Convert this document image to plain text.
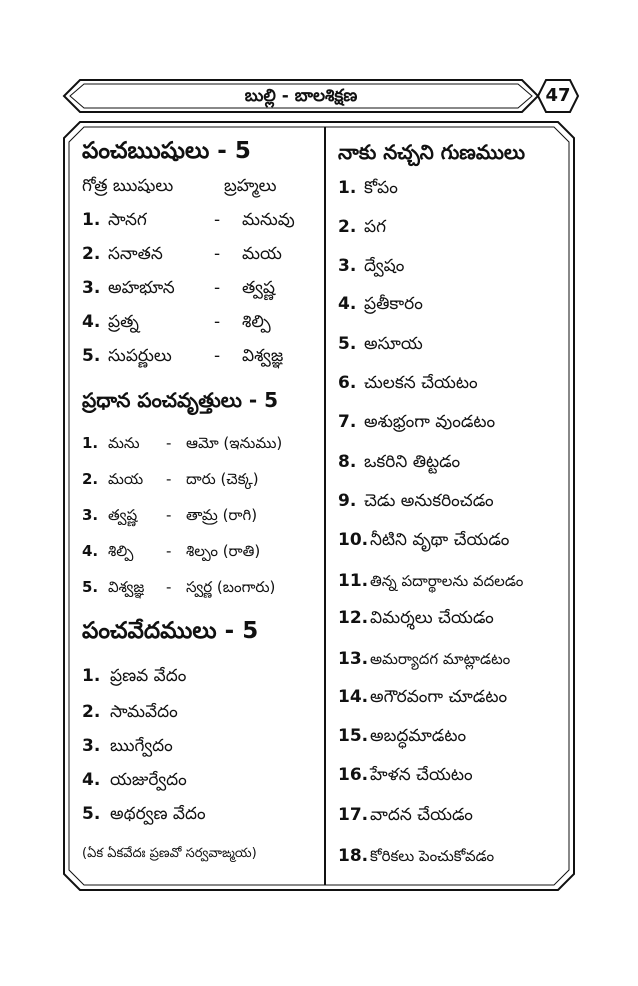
బుల్లి - బాలశిక్షణ	47
పంచఋషులు - 5
గోత్ర ఋషులు	బ్రహ్మలు
1. సానగ	- మనువు
2. సనాతన	- మయ
3. అహభూన - త్వష్ణ
4. ప్రత్న	- శిల్పి
5. సుపర్ణులు - విశ్వజ్ఞ
ప్రధాన పంచవృత్తులు - 5
1. మను - ఆమో (ఇనుము)
2. మయ - దారు (చెక్క)
3. త్వష్ణ - తామ్ర (రాగి)
4. శిల్పి - శిల్పం (రాతి)
5. విశ్వజ్ఞ - స్వర్ణ (బంగారు)
పంచవేదములు - 5
1. ప్రణవ వేదం
2. సామవేదం
3. ఋగ్వేదం
4. యజుర్వేదం
5. అథర్వణ వేదం
(ఏక ఏకవేదః ప్రణవో సర్వవాఙ్మయ)
నాకు నచ్చని గుణములు
1. కోపం
2. పగ
3. ద్వేషం
4. ప్రతీకారం
5. అసూయ
6. చులకన చేయటం
7. అశుభ్రంగా వుండటం
8. ఒకరిని తిట్టడం
9. చెడు అనుకరించడం
10. నీటిని వృథా చేయడం
11. తిన్న పదార్థాలను వదలడం
12. విమర్శలు చేయడం
13. అమర్యాదగ మాట్లాడటం
14. అగౌరవంగా చూడటం
15. అబద్ధమాడటం
16. హేళన చేయటం
17. వాదన చేయడం
18. కోరికలు పెంచుకోవడం
